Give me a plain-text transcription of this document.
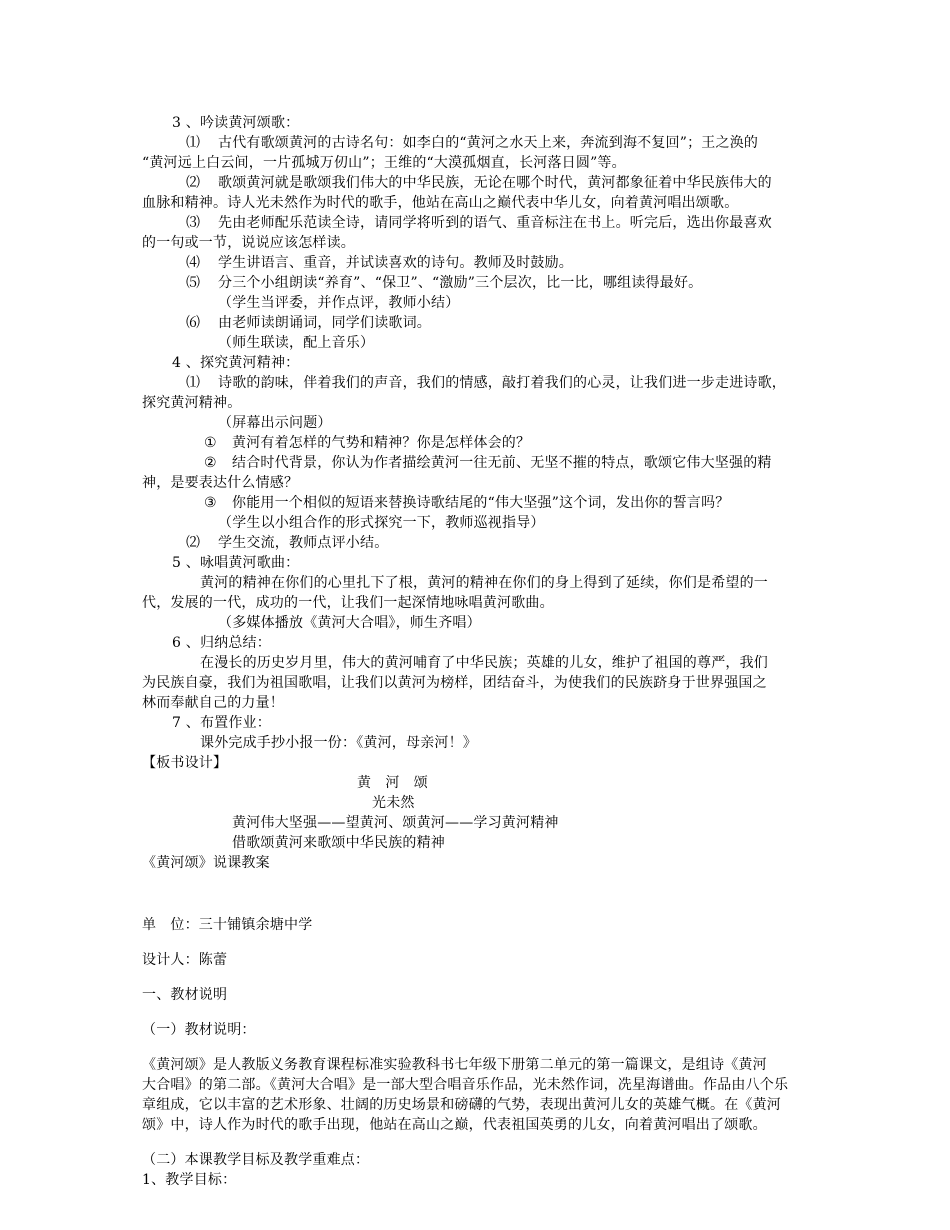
3 、吟读黄河颂歌：
⑴ 古代有歌颂黄河的古诗名句：如李白的“黄河之水天上来，奔流到海不复回”；王之涣的
“黄河远上白云间，一片孤城万仞山”；王维的“大漠孤烟直，长河落日圆”等。
⑵ 歌颂黄河就是歌颂我们伟大的中华民族，无论在哪个时代，黄河都象征着中华民族伟大的
血脉和精神。诗人光未然作为时代的歌手，他站在高山之巅代表中华儿女，向着黄河唱出颂歌。
⑶ 先由老师配乐范读全诗，请同学将听到的语气、重音标注在书上。听完后，选出你最喜欢
的一句或一节，说说应该怎样读。
⑷ 学生讲语言、重音，并试读喜欢的诗句。教师及时鼓励。
⑸ 分三个小组朗读“养育”、“保卫”、“激励”三个层次，比一比，哪组读得最好。
（学生当评委，并作点评，教师小结）
⑹ 由老师读朗诵词，同学们读歌词。
（师生联读，配上音乐）
4 、探究黄河精神：
⑴ 诗歌的韵味，伴着我们的声音，我们的情感，敲打着我们的心灵，让我们进一步走进诗歌，
探究黄河精神。
（屏幕出示问题）
① 黄河有着怎样的气势和精神？你是怎样体会的？
② 结合时代背景，你认为作者描绘黄河一往无前、无坚不摧的特点，歌颂它伟大坚强的精
神，是要表达什么情感？
③ 你能用一个相似的短语来替换诗歌结尾的“伟大坚强”这个词，发出你的誓言吗？
（学生以小组合作的形式探究一下，教师巡视指导）
⑵ 学生交流，教师点评小结。
5 、咏唱黄河歌曲：
黄河的精神在你们的心里扎下了根，黄河的精神在你们的身上得到了延续，你们是希望的一
代，发展的一代，成功的一代，让我们一起深情地咏唱黄河歌曲。
（多媒体播放《黄河大合唱》，师生齐唱）
6 、归纳总结：
在漫长的历史岁月里，伟大的黄河哺育了中华民族；英雄的儿女，维护了祖国的尊严，我们
为民族自豪，我们为祖国歌唱，让我们以黄河为榜样，团结奋斗，为使我们的民族跻身于世界强国之
林而奉献自己的力量！
7 、布置作业：
课外完成手抄小报一份：《黄河，母亲河！》
【板书设计】
黄　河　颂
光未然
黄河伟大坚强——望黄河、颂黄河——学习黄河精神
借歌颂黄河来歌颂中华民族的精神
《黄河颂》说课教案
单　位：三十铺镇余塘中学
设计人：陈蕾
一、教材说明
（一）教材说明：
《黄河颂》是人教版义务教育课程标准实验教科书七年级下册第二单元的第一篇课文，是组诗《黄河
大合唱》的第二部。《黄河大合唱》是一部大型合唱音乐作品，光未然作词，冼星海谱曲。作品由八个乐
章组成，它以丰富的艺术形象、壮阔的历史场景和磅礴的气势，表现出黄河儿女的英雄气概。在《黄河
颂》中，诗人作为时代的歌手出现，他站在高山之巅，代表祖国英勇的儿女，向着黄河唱出了颂歌。
（二）本课教学目标及教学重难点：
1、教学目标：
